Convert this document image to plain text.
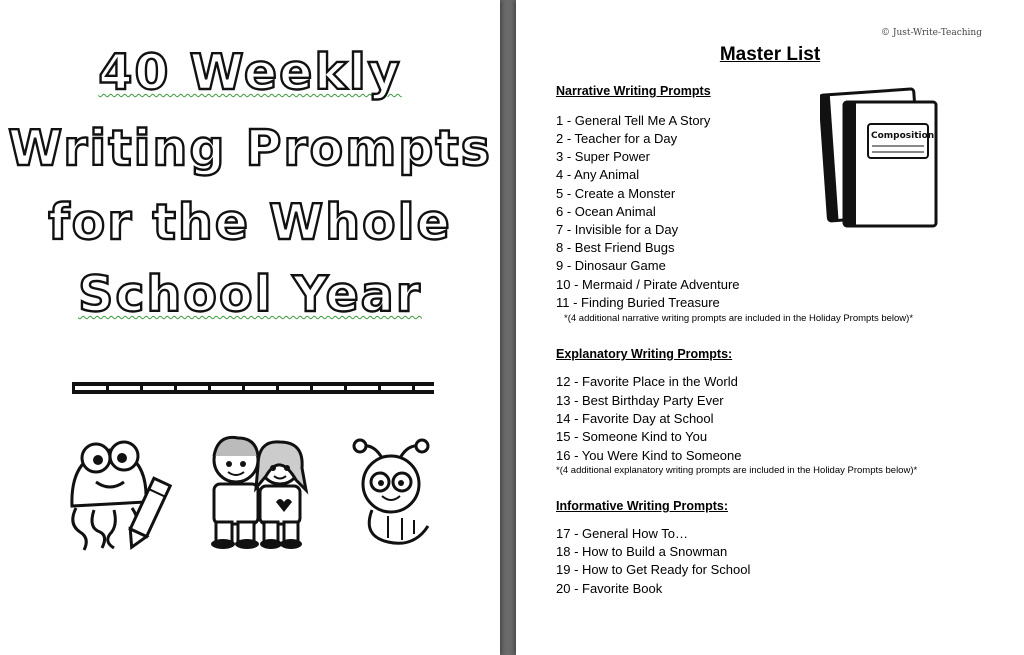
40 Weekly
Writing Prompts
for the Whole
School Year
© Just-Write-Teaching
Master List
Composition
Narrative Writing Prompts
1 - General Tell Me A Story
2 - Teacher for a Day
3 - Super Power
4 - Any Animal
5 - Create a Monster
6 - Ocean Animal
7 - Invisible for a Day
8 - Best Friend Bugs
9 - Dinosaur Game
10 - Mermaid / Pirate Adventure
11 - Finding Buried Treasure
*(4 additional narrative writing prompts are included in the Holiday Prompts below)*
Explanatory Writing Prompts:
12 - Favorite Place in the World
13 - Best Birthday Party Ever
14 - Favorite Day at School
15 - Someone Kind to You
16 - You Were Kind to Someone
*(4 additional explanatory writing prompts are included in the Holiday Prompts below)*
Informative Writing Prompts:
17 - General How To…
18 - How to Build a Snowman
19 - How to Get Ready for School
20 - Favorite Book
